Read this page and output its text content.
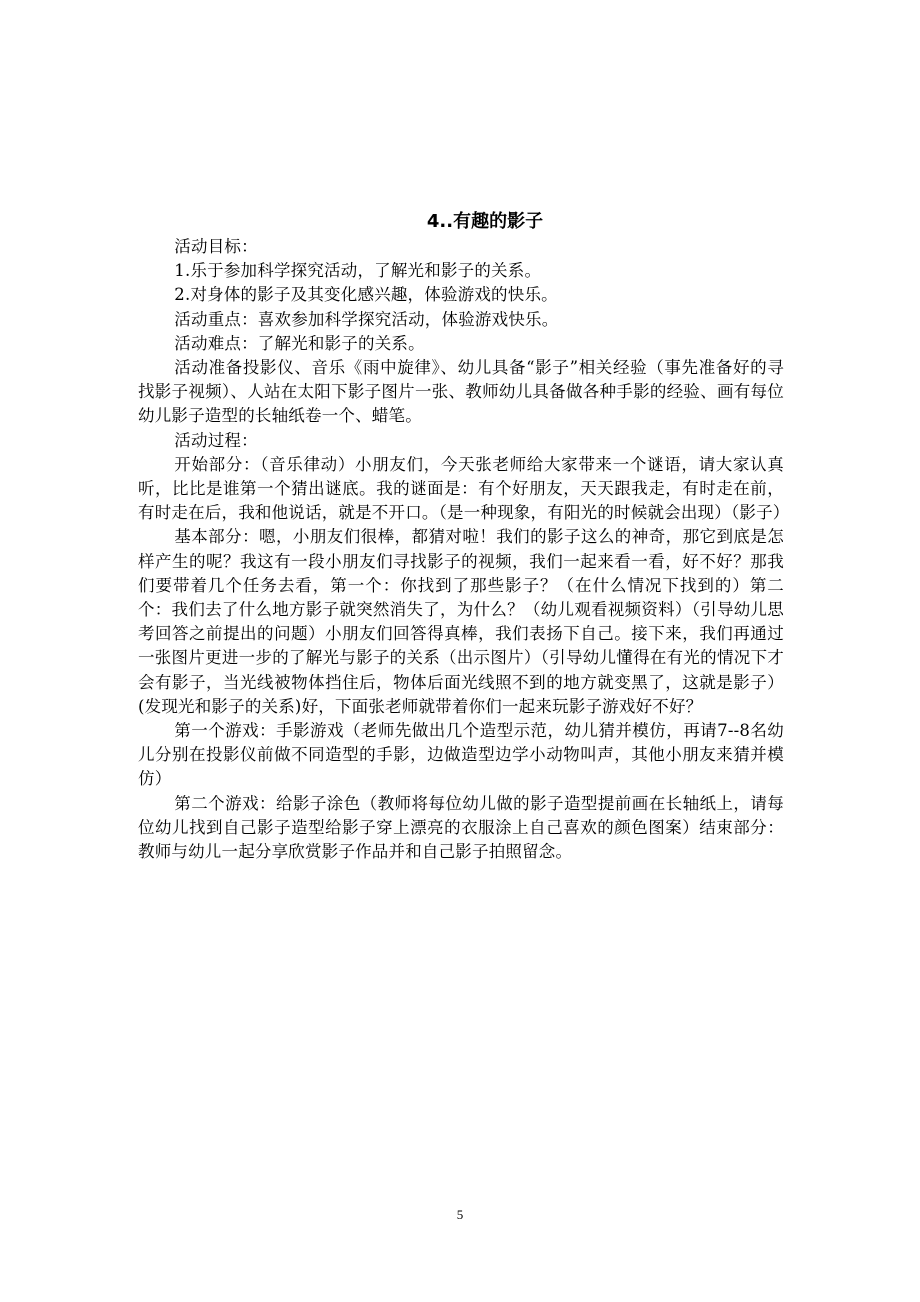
4..有趣的影子

活动目标：

1.乐于参加科学探究活动，了解光和影子的关系。

2.对身体的影子及其变化感兴趣，体验游戏的快乐。

活动重点：喜欢参加科学探究活动，体验游戏快乐。

活动难点：了解光和影子的关系。

活动准备投影仪、音乐《雨中旋律》、幼儿具备“影子”相关经验（事先准备好的寻找影子视频）、人站在太阳下影子图片一张、教师幼儿具备做各种手影的经验、画有每位幼儿影子造型的长轴纸卷一个、蜡笔。

活动过程：

开始部分：（音乐律动）小朋友们，今天张老师给大家带来一个谜语，请大家认真听，比比是谁第一个猜出谜底。我的谜面是：有个好朋友，天天跟我走，有时走在前，有时走在后，我和他说话，就是不开口。（是一种现象，有阳光的时候就会出现）（影子）

基本部分：嗯，小朋友们很棒，都猜对啦！我们的影子这么的神奇，那它到底是怎样产生的呢？我这有一段小朋友们寻找影子的视频，我们一起来看一看，好不好？那我们要带着几个任务去看，第一个：你找到了那些影子？（在什么情况下找到的）第二个：我们去了什么地方影子就突然消失了，为什么？（幼儿观看视频资料）（引导幼儿思考回答之前提出的问题）小朋友们回答得真棒，我们表扬下自己。接下来，我们再通过一张图片更进一步的了解光与影子的关系（出示图片）（引导幼儿懂得在有光的情况下才会有影子，当光线被物体挡住后，物体后面光线照不到的地方就变黑了，这就是影子）(发现光和影子的关系)好，下面张老师就带着你们一起来玩影子游戏好不好？

第一个游戏：手影游戏（老师先做出几个造型示范，幼儿猜并模仿，再请7--8名幼儿分别在投影仪前做不同造型的手影，边做造型边学小动物叫声，其他小朋友来猜并模仿）

第二个游戏：给影子涂色（教师将每位幼儿做的影子造型提前画在长轴纸上，请每位幼儿找到自己影子造型给影子穿上漂亮的衣服涂上自己喜欢的颜色图案）结束部分：教师与幼儿一起分享欣赏影子作品并和自己影子拍照留念。

5
